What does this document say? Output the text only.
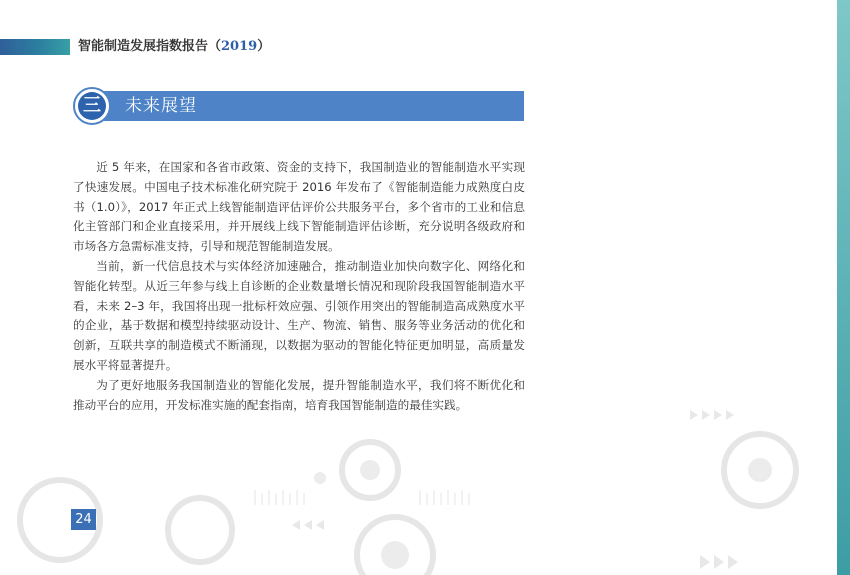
智能制造发展指数报告（2019）
三 未来展望

近 5 年来，在国家和各省市政策、资金的支持下，我国制造业的智能制造水平实现了快速发展。中国电子技术标准化研究院于 2016 年发布了《智能制造能力成熟度白皮书（1.0）》，2017 年正式上线智能制造评估评价公共服务平台，多个省市的工业和信息化主管部门和企业直接采用，并开展线上线下智能制造评估诊断，充分说明各级政府和市场各方急需标准支持，引导和规范智能制造发展。

当前，新一代信息技术与实体经济加速融合，推动制造业加快向数字化、网络化和智能化转型。从近三年参与线上自诊断的企业数量增长情况和现阶段我国智能制造水平看，未来 2–3 年，我国将出现一批标杆效应强、引领作用突出的智能制造高成熟度水平的企业，基于数据和模型持续驱动设计、生产、物流、销售、服务等业务活动的优化和创新，互联共享的制造模式不断涌现，以数据为驱动的智能化特征更加明显，高质量发展水平将显著提升。

为了更好地服务我国制造业的智能化发展，提升智能制造水平，我们将不断优化和推动平台的应用，开发标准实施的配套指南，培育我国智能制造的最佳实践。

24
